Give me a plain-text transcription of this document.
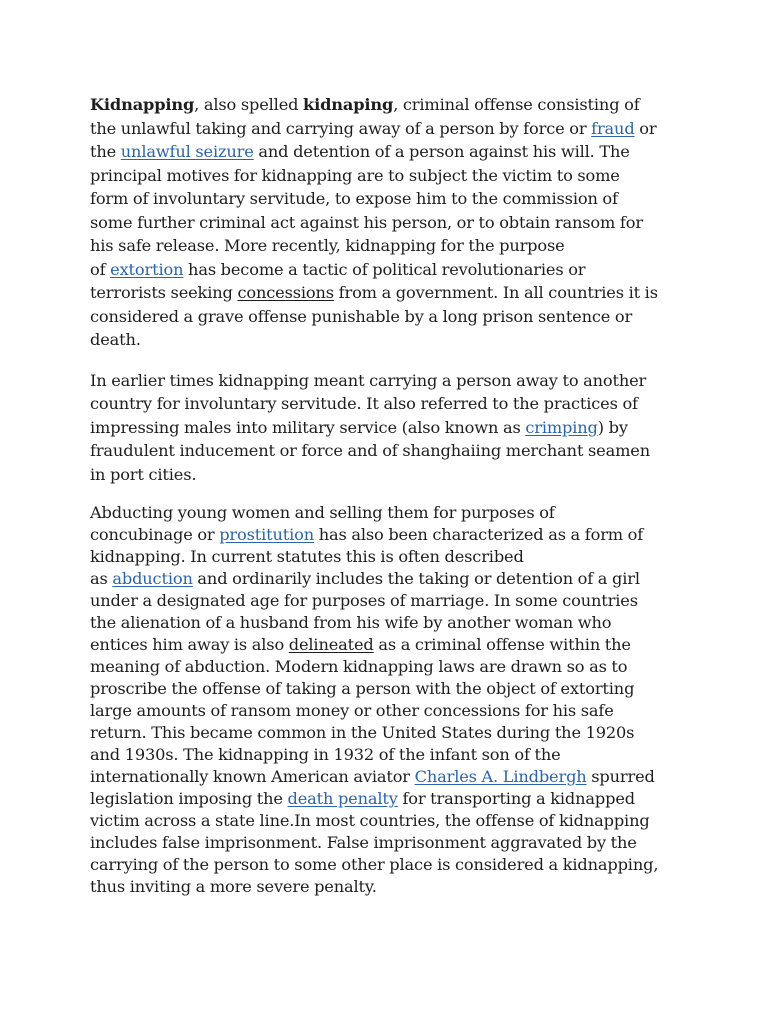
Kidnapping, also spelled kidnaping, criminal offense consisting of
the unlawful taking and carrying away of a person by force or fraud or
the unlawful seizure and detention of a person against his will. The
principal motives for kidnapping are to subject the victim to some
form of involuntary servitude, to expose him to the commission of
some further criminal act against his person, or to obtain ransom for
his safe release. More recently, kidnapping for the purpose
of extortion has become a tactic of political revolutionaries or
terrorists seeking concessions from a government. In all countries it is
considered a grave offense punishable by a long prison sentence or
death.
In earlier times kidnapping meant carrying a person away to another
country for involuntary servitude. It also referred to the practices of
impressing males into military service (also known as crimping) by
fraudulent inducement or force and of shanghaiing merchant seamen
in port cities.
Abducting young women and selling them for purposes of
concubinage or prostitution has also been characterized as a form of
kidnapping. In current statutes this is often described
as abduction and ordinarily includes the taking or detention of a girl
under a designated age for purposes of marriage. In some countries
the alienation of a husband from his wife by another woman who
entices him away is also delineated as a criminal offense within the
meaning of abduction. Modern kidnapping laws are drawn so as to
proscribe the offense of taking a person with the object of extorting
large amounts of ransom money or other concessions for his safe
return. This became common in the United States during the 1920s
and 1930s. The kidnapping in 1932 of the infant son of the
internationally known American aviator Charles A. Lindbergh spurred
legislation imposing the death penalty for transporting a kidnapped
victim across a state line.In most countries, the offense of kidnapping
includes false imprisonment. False imprisonment aggravated by the
carrying of the person to some other place is considered a kidnapping,
thus inviting a more severe penalty.
